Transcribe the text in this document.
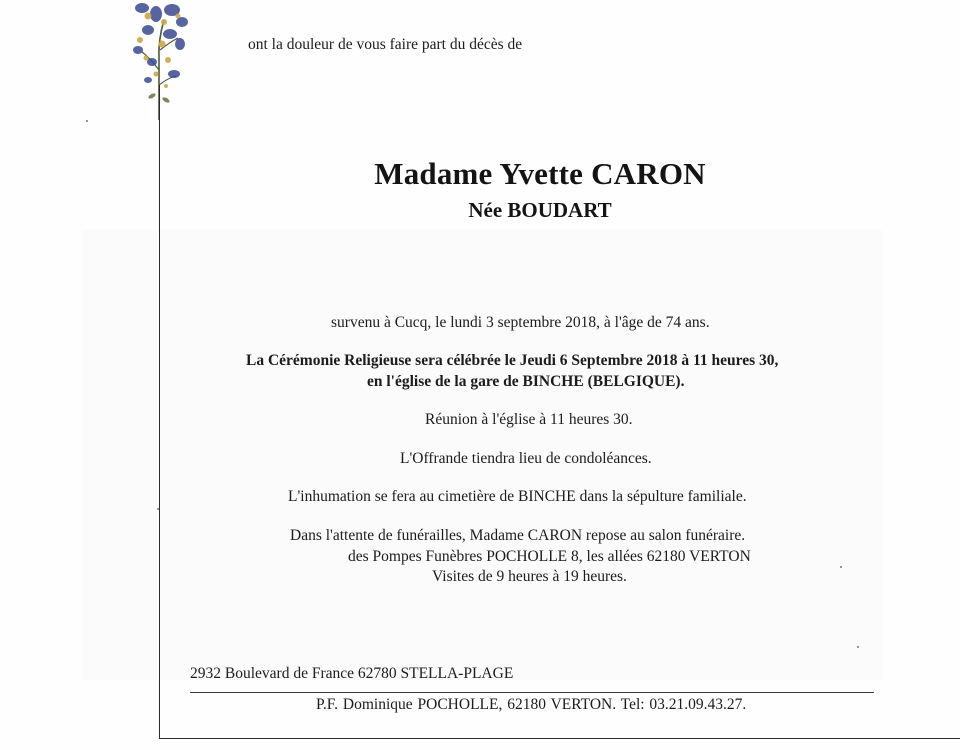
ont la douleur de vous faire part du décès de
Madame Yvette CARON
Née BOUDART
survenu à Cucq, le lundi 3 septembre 2018, à l'âge de 74 ans.
La Cérémonie Religieuse sera célébrée le Jeudi 6 Septembre 2018 à 11 heures 30,
en l'église de la gare de BINCHE (BELGIQUE).
Réunion à l'église à 11 heures 30.
L'Offrande tiendra lieu de condoléances.
L'inhumation se fera au cimetière de BINCHE dans la sépulture familiale.
Dans l'attente de funérailles, Madame CARON repose au salon funéraire.
des Pompes Funèbres POCHOLLE 8, les allées 62180 VERTON
Visites de 9 heures à 19 heures.
2932 Boulevard de France 62780 STELLA-PLAGE
P.F. Dominique POCHOLLE, 62180 VERTON. Tel: 03.21.09.43.27.
